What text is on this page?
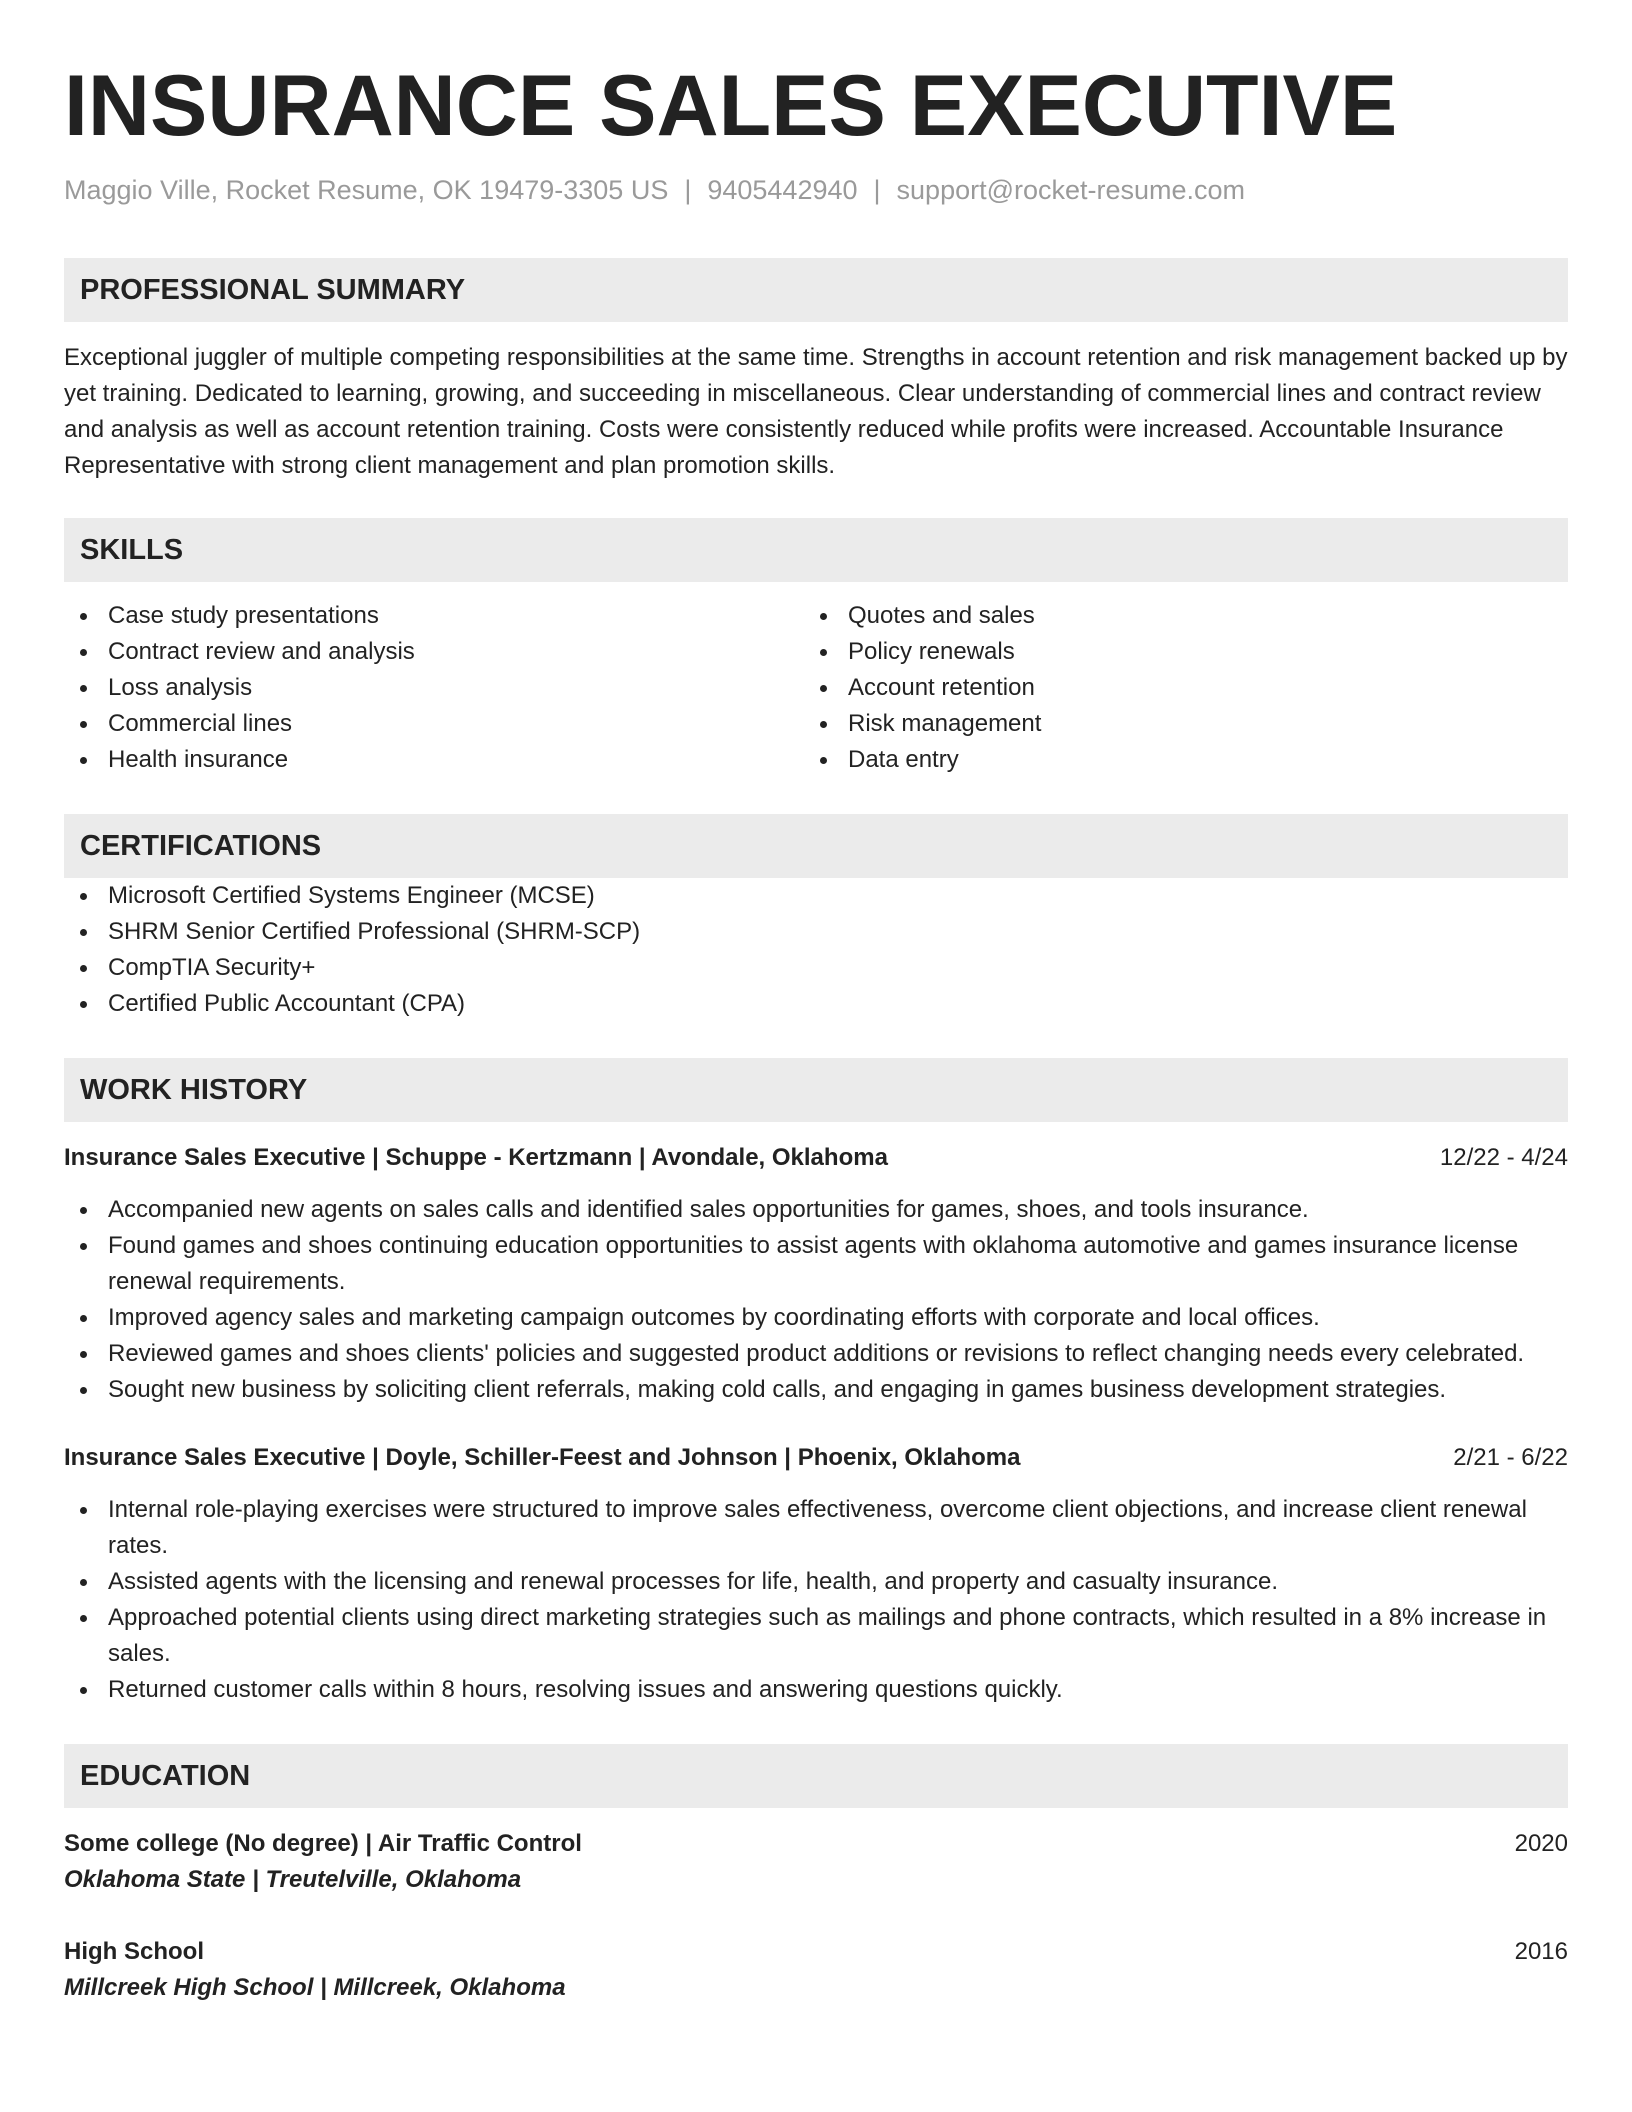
INSURANCE SALES EXECUTIVE
Maggio Ville, Rocket Resume, OK 19479-3305 US | 9405442940 | support@rocket-resume.com
PROFESSIONAL SUMMARY

Exceptional juggler of multiple competing responsibilities at the same time. Strengths in account retention and risk management backed up by yet training. Dedicated to learning, growing, and succeeding in miscellaneous. Clear understanding of commercial lines and contract review and analysis as well as account retention training. Costs were consistently reduced while profits were increased. Accountable Insurance Representative with strong client management and plan promotion skills.

SKILLS
Case study presentations
Contract review and analysis
Loss analysis
Commercial lines
Health insurance
Quotes and sales
Policy renewals
Account retention
Risk management
Data entry
CERTIFICATIONS
Microsoft Certified Systems Engineer (MCSE)
SHRM Senior Certified Professional (SHRM-SCP)
CompTIA Security+
Certified Public Accountant (CPA)
WORK HISTORY
Insurance Sales Executive | Schuppe - Kertzmann | Avondale, Oklahoma	12/22 - 4/24
Accompanied new agents on sales calls and identified sales opportunities for games, shoes, and tools insurance.
Found games and shoes continuing education opportunities to assist agents with oklahoma automotive and games insurance license renewal requirements.
Improved agency sales and marketing campaign outcomes by coordinating efforts with corporate and local offices.
Reviewed games and shoes clients' policies and suggested product additions or revisions to reflect changing needs every celebrated.
Sought new business by soliciting client referrals, making cold calls, and engaging in games business development strategies.
Insurance Sales Executive | Doyle, Schiller-Feest and Johnson | Phoenix, Oklahoma	2/21 - 6/22
Internal role-playing exercises were structured to improve sales effectiveness, overcome client objections, and increase client renewal rates.
Assisted agents with the licensing and renewal processes for life, health, and property and casualty insurance.
Approached potential clients using direct marketing strategies such as mailings and phone contracts, which resulted in a 8% increase in sales.
Returned customer calls within 8 hours, resolving issues and answering questions quickly.
EDUCATION
Some college (No degree) | Air Traffic Control	2020
Oklahoma State | Treutelville, Oklahoma
High School	2016
Millcreek High School | Millcreek, Oklahoma
